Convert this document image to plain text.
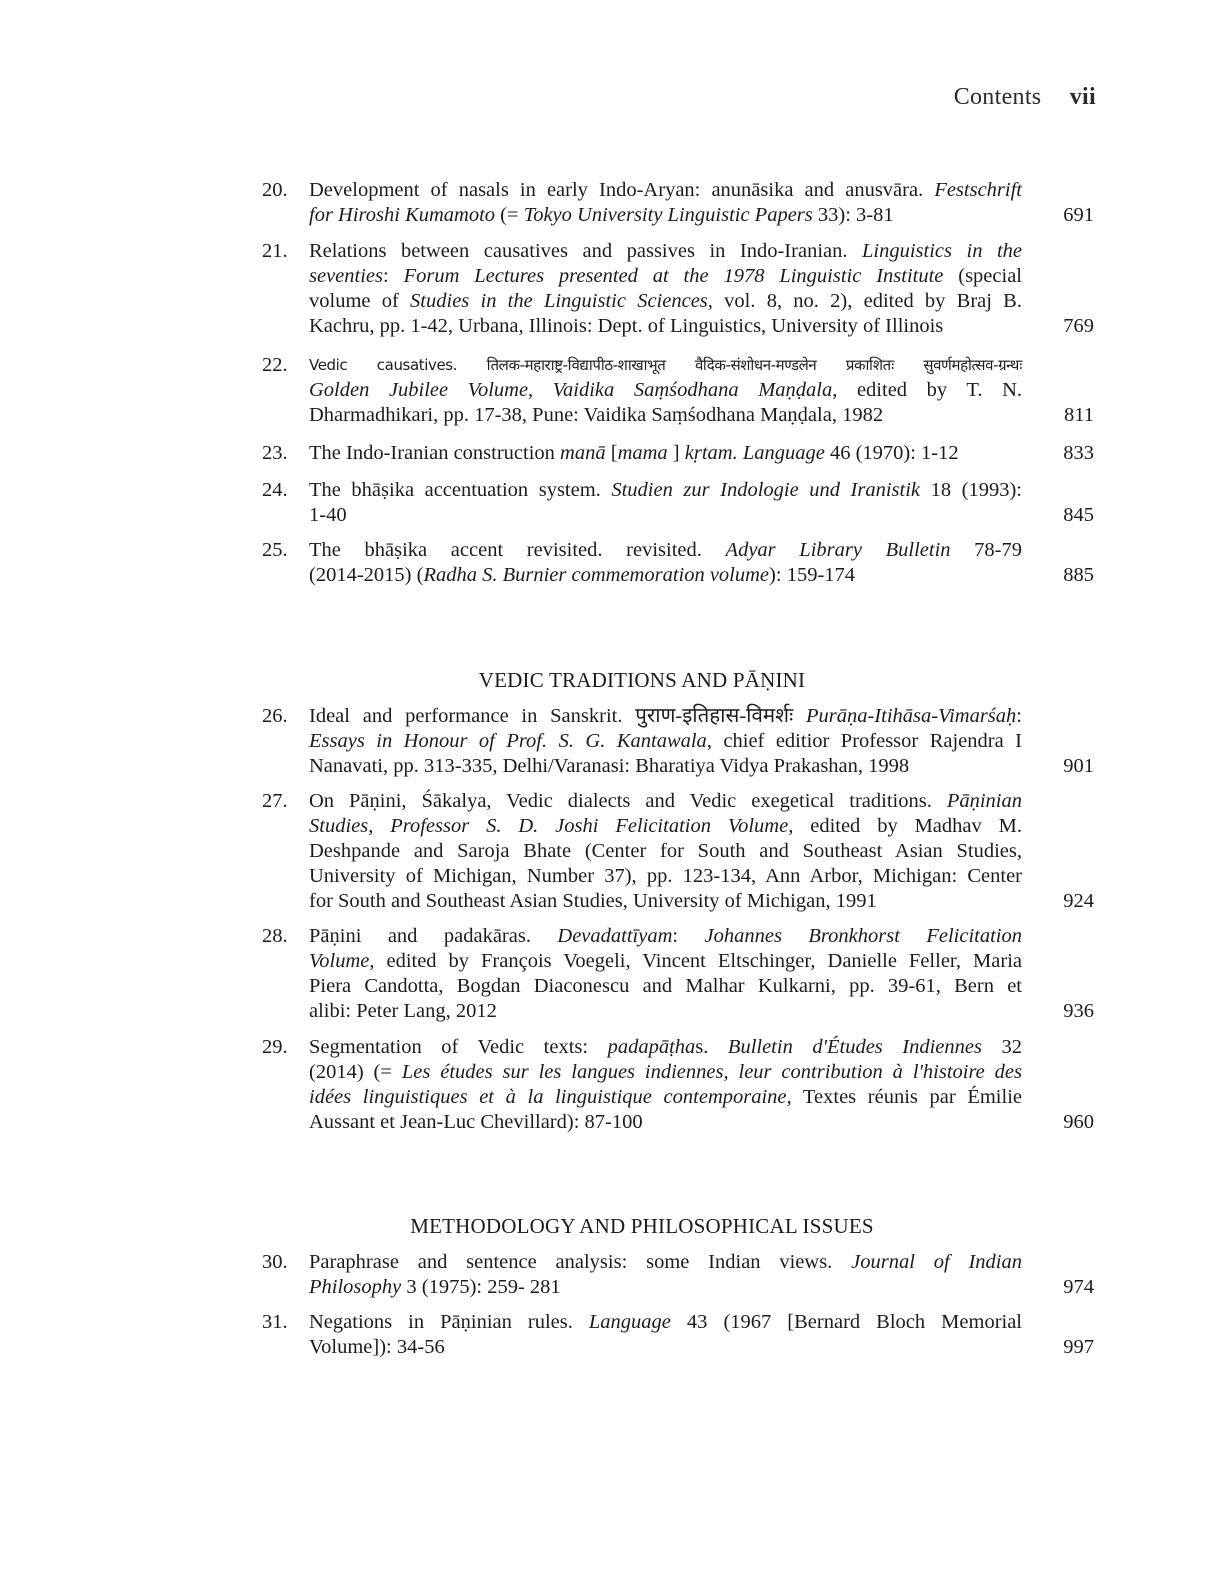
Contents vii
20.	Development of nasals in early Indo-Aryan: anunāsika and anusvāra. Festschrift
for Hiroshi Kumamoto (= Tokyo University Linguistic Papers 33): 3-81	691
21.	Relations between causatives and passives in Indo-Iranian. Linguistics in the
seventies: Forum Lectures presented at the 1978 Linguistic Institute (special
volume of Studies in the Linguistic Sciences, vol. 8, no. 2), edited by Braj B.
Kachru, pp. 1-42, Urbana, Illinois: Dept. of Linguistics, University of Illinois	769
22.	Vedic causatives. तिलक-महाराष्ट्र-विद्यापीठ-शाखाभूत वैदिक-संशोधन-मण्डलेन प्रकाशितः सुवर्णमहोत्सव-ग्रन्थः
Golden Jubilee Volume, Vaidika Saṃśodhana Maṇḍala, edited by T. N.
Dharmadhikari, pp. 17-38, Pune: Vaidika Saṃśodhana Maṇḍala, 1982	811
23.	The Indo-Iranian construction manā [mama ] kṛtam. Language 46 (1970): 1-12	833
24.	The bhāṣika accentuation system. Studien zur Indologie und Iranistik 18 (1993):
1-40	845
25.	The bhāṣika accent revisited. revisited. Adyar Library Bulletin 78-79
(2014-2015) (Radha S. Burnier commemoration volume): 159-174	885
VEDIC TRADITIONS AND PĀṆINI
26.	Ideal and performance in Sanskrit. पुराण-इतिहास-विमर्शः Purāṇa-Itihāsa-Vimarśaḥ:
Essays in Honour of Prof. S. G. Kantawala, chief editior Professor Rajendra I
Nanavati, pp. 313-335, Delhi/Varanasi: Bharatiya Vidya Prakashan, 1998	901
27.	On Pāṇini, Śākalya, Vedic dialects and Vedic exegetical traditions. Pāṇinian
Studies, Professor S. D. Joshi Felicitation Volume, edited by Madhav M.
Deshpande and Saroja Bhate (Center for South and Southeast Asian Studies,
University of Michigan, Number 37), pp. 123-134, Ann Arbor, Michigan: Center
for South and Southeast Asian Studies, University of Michigan, 1991	924
28.	Pāṇini and padakāras. Devadattīyam: Johannes Bronkhorst Felicitation
Volume, edited by François Voegeli, Vincent Eltschinger, Danielle Feller, Maria
Piera Candotta, Bogdan Diaconescu and Malhar Kulkarni, pp. 39-61, Bern et
alibi: Peter Lang, 2012	936
29.	Segmentation of Vedic texts: padapāṭhas. Bulletin d'Études Indiennes 32
(2014) (= Les études sur les langues indiennes, leur contribution à l'histoire des
idées linguistiques et à la linguistique contemporaine, Textes réunis par Émilie
Aussant et Jean-Luc Chevillard): 87-100	960
METHODOLOGY AND PHILOSOPHICAL ISSUES
30.	Paraphrase and sentence analysis: some Indian views. Journal of Indian
Philosophy 3 (1975): 259- 281	974
31.	Negations in Pāṇinian rules. Language 43 (1967 [Bernard Bloch Memorial
Volume]): 34-56	997
